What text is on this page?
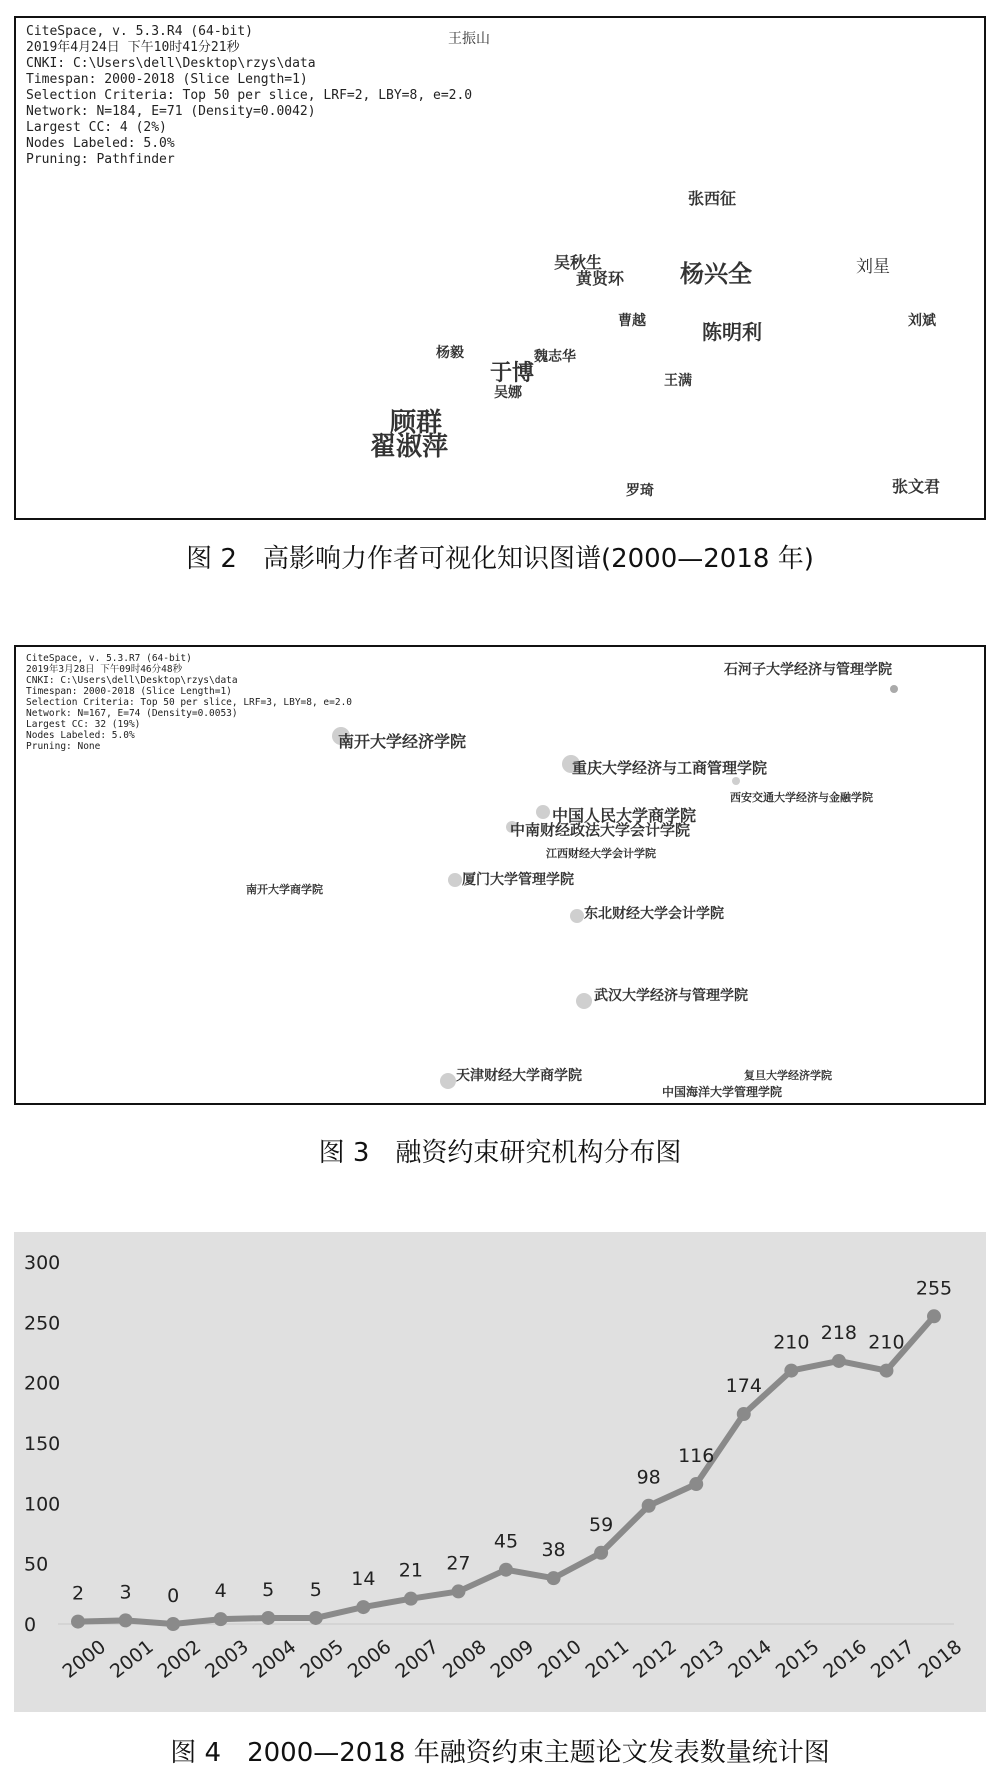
CiteSpace, v. 5.3.R4 (64-bit)
2019年4月24日 下午10时41分21秒
CNKI: C:\Users\dell\Desktop\rzys\data
Timespan: 2000-2018 (Slice Length=1)
Selection Criteria: Top 50 per slice, LRF=2, LBY=8, e=2.0
Network: N=184, E=71 (Density=0.0042)
Largest CC: 4 (2%)
Nodes Labeled: 5.0%
Pruning: Pathfinder
王振山
张西征
吴秋生
黄贤环 杨兴全	刘星
刘斌
曹越	陈明利
杨毅	魏志华
于博	王满
吴娜
顾群
翟淑萍
罗琦	张文君
图 2　高影响力作者可视化知识图谱(2000—2018 年)
CiteSpace, v. 5.3.R7 (64-bit)
2019年3月28日 下午09时46分48秒
CNKI: C:\Users\dell\Desktop\rzys\data
Timespan: 2000-2018 (Slice Length=1)
Selection Criteria: Top 50 per slice, LRF=3, LBY=8, e=2.0
Network: N=167, E=74 (Density=0.0053)
Largest CC: 32 (19%)
Nodes Labeled: 5.0%
Pruning: None
石河子大学经济与管理学院
南开大学经济学院
重庆大学经济与工商管理学院
西安交通大学经济与金融学院
中国人民大学商学院
中南财经政法大学会计学院
江西财经大学会计学院
厦门大学管理学院
南开大学商学院
东北财经大学会计学院
武汉大学经济与管理学院
天津财经大学商学院	复旦大学经济学院
中国海洋大学管理学院
图 3　融资约束研究机构分布图
0
50
100
150
200
250
300
2 3 0 4 5 5 14 21 27
45 38
59
98
116
174
210 218 210
255
2000
2001
2002
2003
2004
2005
2006
2007
2008
2009
2010
2011
2012
2013
2014
2015
2016
2017
2018
图 4　2000—2018 年融资约束主题论文发表数量统计图
